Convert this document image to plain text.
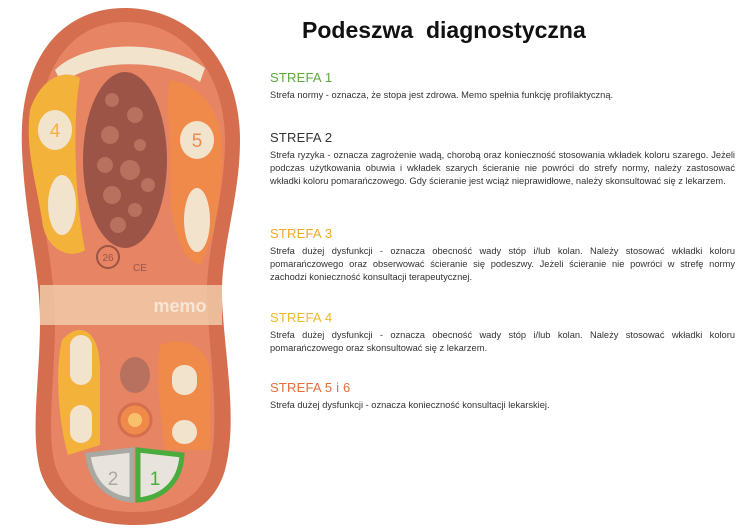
26
CE
memo
4	5
3
6
2 1
Podeszwa  diagnostyczna
STREFA 1

Strefa normy - oznacza, że stopa jest zdrowa. Memo spełnia funkcję profilaktyczną.

STREFA 2

Strefa ryzyka - oznacza zagrożenie wadą, chorobą oraz konieczność stosowania wkładek koloru szarego. Jeżeli podczas użytkowania obuwia i wkładek szarych ścieranie nie powróci do strefy normy, należy zastosować wkładki koloru pomarańczowego. Gdy ścieranie jest wciąż nieprawidłowe, należy skonsultować się z lekarzem.

STREFA 3

Strefa dużej dysfunkcji - oznacza obecność wady stóp i/lub kolan. Należy stosować wkładki koloru pomarańczowego oraz obserwować ścieranie się podeszwy. Jeżeli ścieranie nie powróci w strefę normy zachodzi konieczność konsultacji terapeutycznej.

STREFA 4

Strefa dużej dysfunkcji - oznacza obecność wady stóp i/lub kolan. Należy stosować wkładki koloru pomarańczowego oraz skonsultować się z lekarzem.

STREFA 5 i 6

Strefa dużej dysfunkcji - oznacza konieczność konsultacji lekarskiej.
